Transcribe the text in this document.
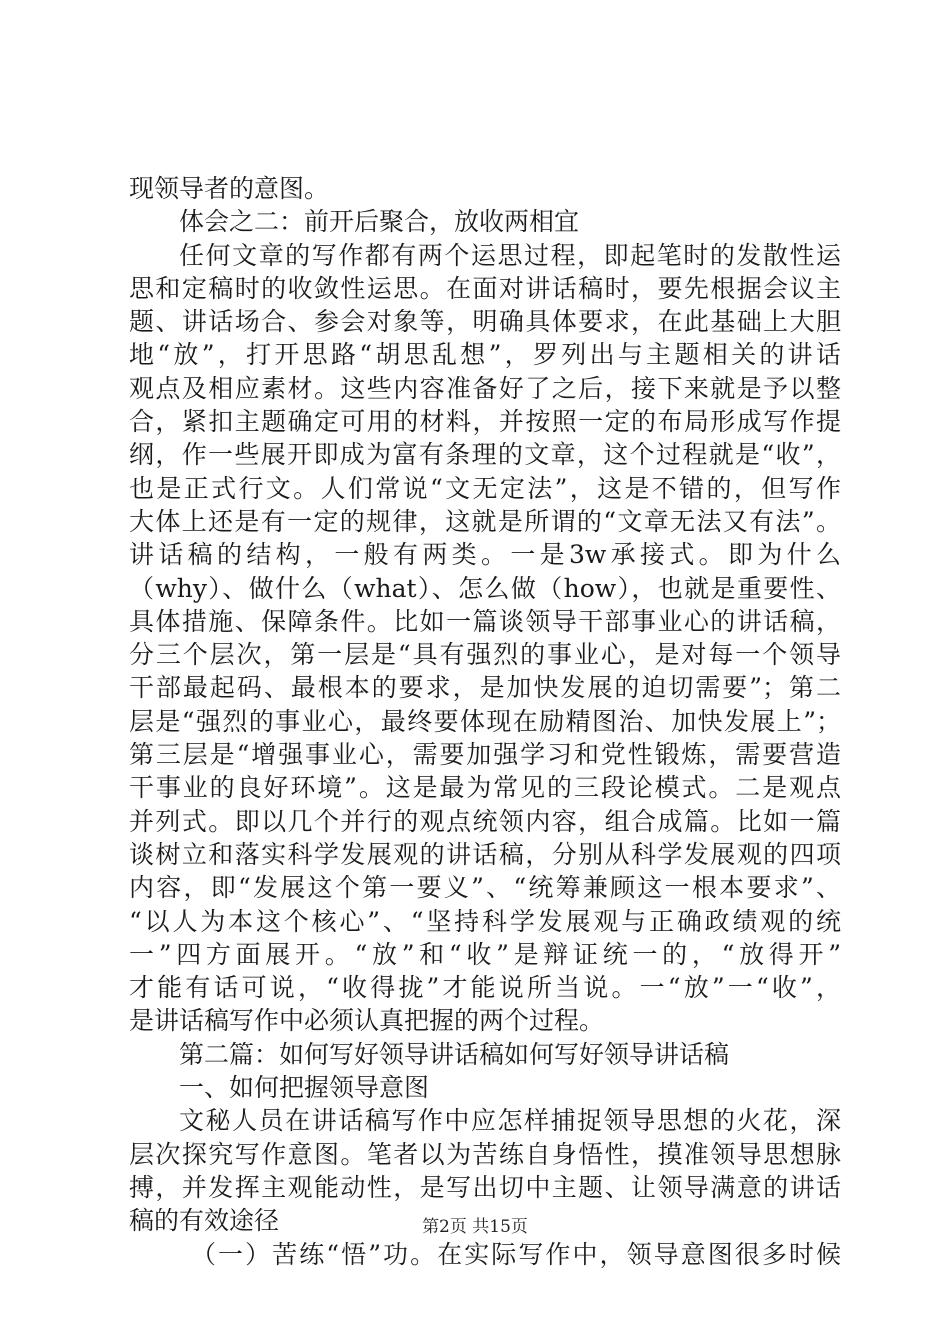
现领导者的意图。
体会之二：前开后聚合，放收两相宜
任何文章的写作都有两个运思过程，即起笔时的发散性运
思和定稿时的收敛性运思。在面对讲话稿时，要先根据会议主
题、讲话场合、参会对象等，明确具体要求，在此基础上大胆
地“放”，打开思路“胡思乱想”，罗列出与主题相关的讲话
观点及相应素材。这些内容准备好了之后，接下来就是予以整
合，紧扣主题确定可用的材料，并按照一定的布局形成写作提
纲，作一些展开即成为富有条理的文章，这个过程就是“收”，
也是正式行文。人们常说“文无定法”，这是不错的，但写作
大体上还是有一定的规律，这就是所谓的“文章无法又有法”。
讲话稿的结构，一般有两类。一是3w承接式。即为什么
（why）、做什么（what）、怎么做（how），也就是重要性、
具体措施、保障条件。比如一篇谈领导干部事业心的讲话稿，
分三个层次，第一层是“具有强烈的事业心，是对每一个领导
干部最起码、最根本的要求，是加快发展的迫切需要”；第二
层是“强烈的事业心，最终要体现在励精图治、加快发展上”；
第三层是“增强事业心，需要加强学习和党性锻炼，需要营造
干事业的良好环境”。这是最为常见的三段论模式。二是观点
并列式。即以几个并行的观点统领内容，组合成篇。比如一篇
谈树立和落实科学发展观的讲话稿，分别从科学发展观的四项
内容，即“发展这个第一要义”、“统筹兼顾这一根本要求”、
“以人为本这个核心”、“坚持科学发展观与正确政绩观的统
一”四方面展开。“放”和“收”是辩证统一的，“放得开”
才能有话可说，“收得拢”才能说所当说。一“放”一“收”，
是讲话稿写作中必须认真把握的两个过程。
第二篇：如何写好领导讲话稿如何写好领导讲话稿
一、如何把握领导意图
文秘人员在讲话稿写作中应怎样捕捉领导思想的火花，深
层次探究写作意图。笔者以为苦练自身悟性，摸准领导思想脉
搏，并发挥主观能动性，是写出切中主题、让领导满意的讲话
稿的有效途径
（一）苦练“悟”功。在实际写作中，领导意图很多时候
第2页 共15页
